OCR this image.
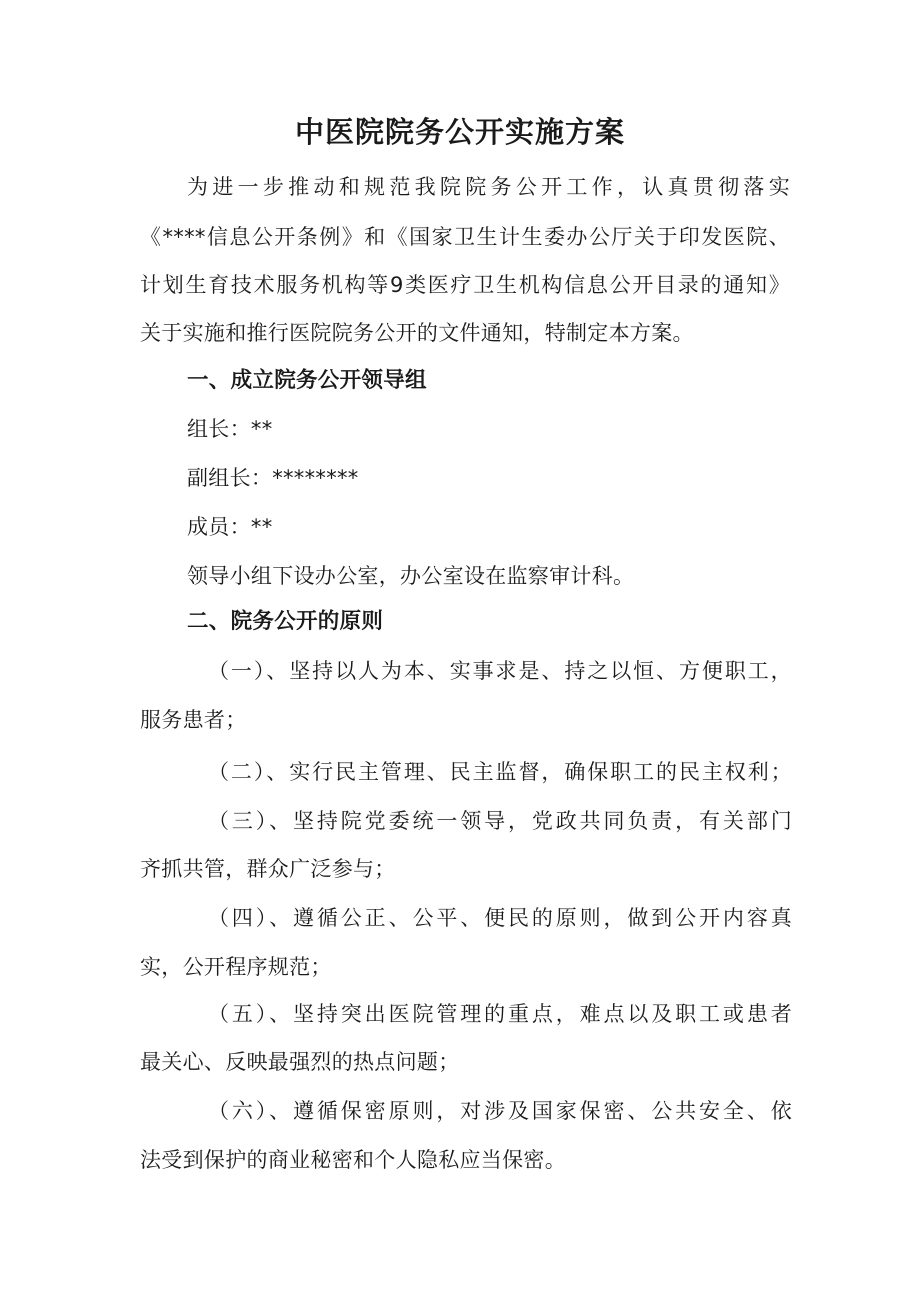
中医院院务公开实施方案
为进一步推动和规范我院院务公开工作，认真贯彻落实
《****信息公开条例》和《国家卫生计生委办公厅关于印发医院、
计划生育技术服务机构等9类医疗卫生机构信息公开目录的通知》
关于实施和推行医院院务公开的文件通知，特制定本方案。
一、成立院务公开领导组
组长：**
副组长：********
成员：**
领导小组下设办公室，办公室设在监察审计科。
二、院务公开的原则
（一）、坚持以人为本、实事求是、持之以恒、方便职工，
服务患者；
（二）、实行民主管理、民主监督，确保职工的民主权利；
（三）、坚持院党委统一领导，党政共同负责，有关部门
齐抓共管，群众广泛参与；
（四）、遵循公正、公平、便民的原则，做到公开内容真
实，公开程序规范；
（五）、坚持突出医院管理的重点，难点以及职工或患者
最关心、反映最强烈的热点问题；
（六）、遵循保密原则，对涉及国家保密、公共安全、依
法受到保护的商业秘密和个人隐私应当保密。
